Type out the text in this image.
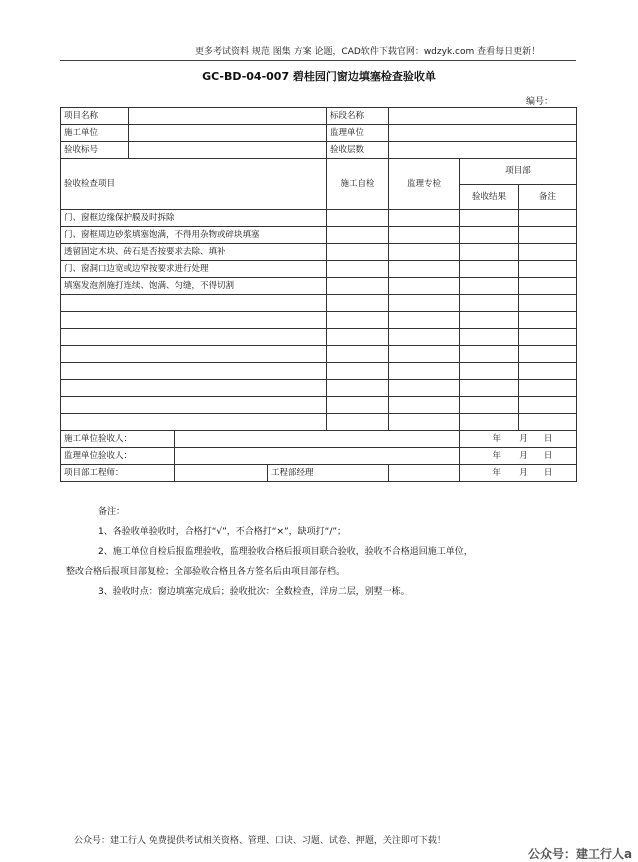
更多考试资料 规范 图集 方案 论题，CAD软件下载官网：wdzyk.com 查看每日更新！
GC-BD-04-007 碧桂园门窗边填塞检查验收单
编号：
项目名称				标段名称			
施工单位				监理单位			
验收标号				验收层数			
验收检查项目				施工自检	监理专检	项目部	
						验收结果	备注
门、窗框边缘保护膜及时拆除							
门、窗框周边砂浆填塞饱满，不得用杂物或碎块填塞							
透留固定木块、砖石是否按要求去除、填补							
门、窗洞口边宽或边窄按要求进行处理							
填塞发泡剂施打连续、饱满、匀缝，不得切割							

施工单位验收人：						年 月 日	
监理单位验收人：						年 月 日	
项目部工程师：			工程部经理			年 月 日	
备注：
1、各验收单验收时，合格打“√”，不合格打“×”，缺项打“/”；
2、施工单位自检后报监理验收，监理验收合格后报项目联合验收，验收不合格退回施工单位，
整改合格后报项目部复检；全部验收合格且各方签名后由项目部存档。
3、验收时点：窗边填塞完成后；验收批次：全数检查，洋房二层，别墅一栋。
公众号：建工行人 免费提供考试相关资格、管理、口诀、习题、试卷、押题，关注即可下载！
公众号：建工行人a
